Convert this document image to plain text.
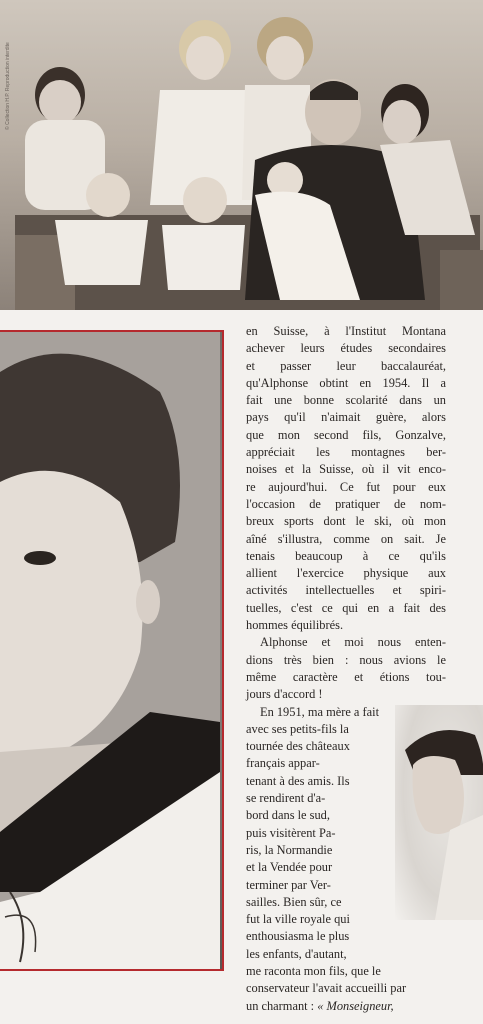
© Collection H.P. Reproduction interdite
en Suisse, à l'Institut Montana
achever leurs études secondaires
et passer leur baccalauréat,
qu'Alphonse obtint en 1954. Il a
fait une bonne scolarité dans un
pays qu'il n'aimait guère, alors
que mon second fils, Gonzalve,
appréciait les montagnes ber-
noises et la Suisse, où il vit enco-
re aujourd'hui. Ce fut pour eux
l'occasion de pratiquer de nom-
breux sports dont le ski, où mon
aîné s'illustra, comme on sait. Je
tenais beaucoup à ce qu'ils
allient l'exercice physique aux
activités intellectuelles et spiri-
tuelles, c'est ce qui en a fait des
hommes équilibrés.
Alphonse et moi nous enten-
dions très bien : nous avions le
même caractère et étions tou-
jours d'accord !
En 1951, ma mère a fait
avec ses petits-fils la
tournée des châteaux
français appar-
tenant à des amis. Ils
se rendirent d'a-
bord dans le sud,
puis visitèrent Pa-
ris, la Normandie
et la Vendée pour
terminer par Ver-
sailles. Bien sûr, ce
fut la ville royale qui
enthousiasma le plus
les enfants, d'autant,
me raconta mon fils, que le
conservateur l'avait accueilli par
un charmant : « Monseigneur,
